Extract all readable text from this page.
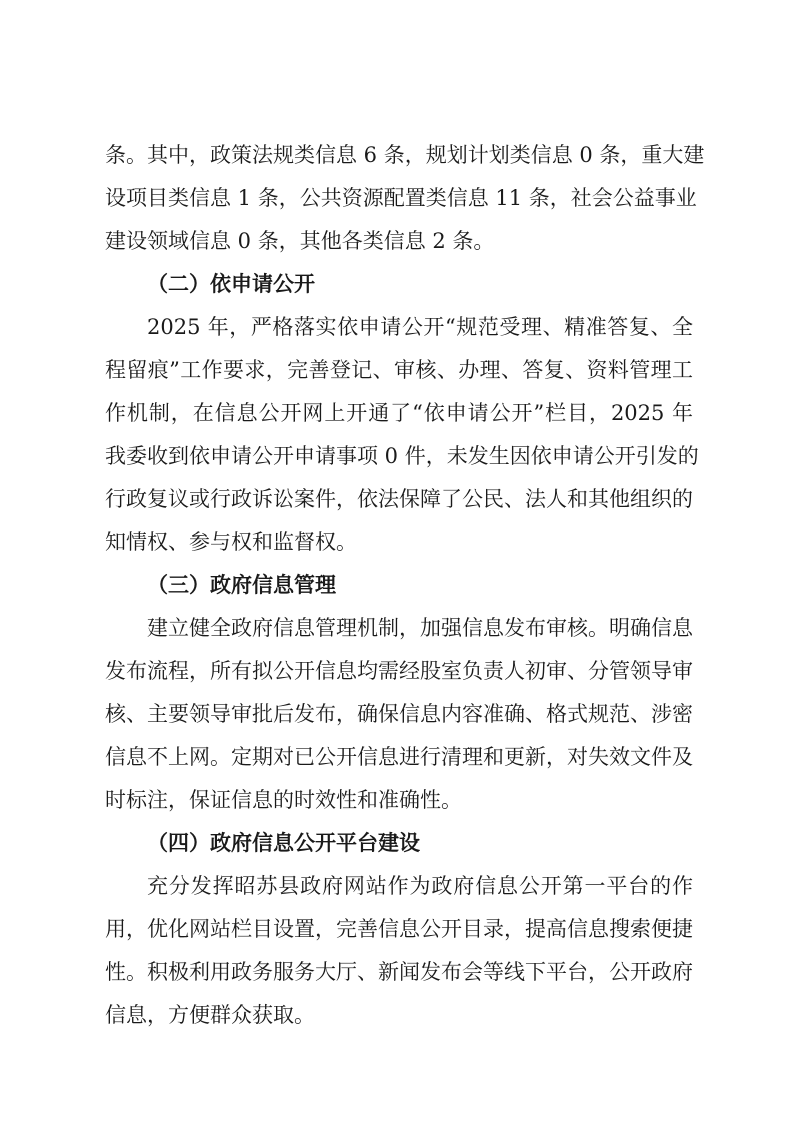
条。其中，政策法规类信息 6 条，规划计划类信息 0 条，重大建
设项目类信息 1 条，公共资源配置类信息 11 条，社会公益事业
建设领域信息 0 条，其他各类信息 2 条。
（二）依申请公开
2025 年，严格落实依申请公开“规范受理、精准答复、全
程留痕”工作要求，完善登记、审核、办理、答复、资料管理工
作机制，在信息公开网上开通了“依申请公开”栏目，2025 年
我委收到依申请公开申请事项 0 件，未发生因依申请公开引发的
行政复议或行政诉讼案件，依法保障了公民、法人和其他组织的
知情权、参与权和监督权。
（三）政府信息管理
建立健全政府信息管理机制，加强信息发布审核。明确信息
发布流程，所有拟公开信息均需经股室负责人初审、分管领导审
核、主要领导审批后发布，确保信息内容准确、格式规范、涉密
信息不上网。定期对已公开信息进行清理和更新，对失效文件及
时标注，保证信息的时效性和准确性。
（四）政府信息公开平台建设
充分发挥昭苏县政府网站作为政府信息公开第一平台的作
用，优化网站栏目设置，完善信息公开目录，提高信息搜索便捷
性。积极利用政务服务大厅、新闻发布会等线下平台，公开政府
信息，方便群众获取。
